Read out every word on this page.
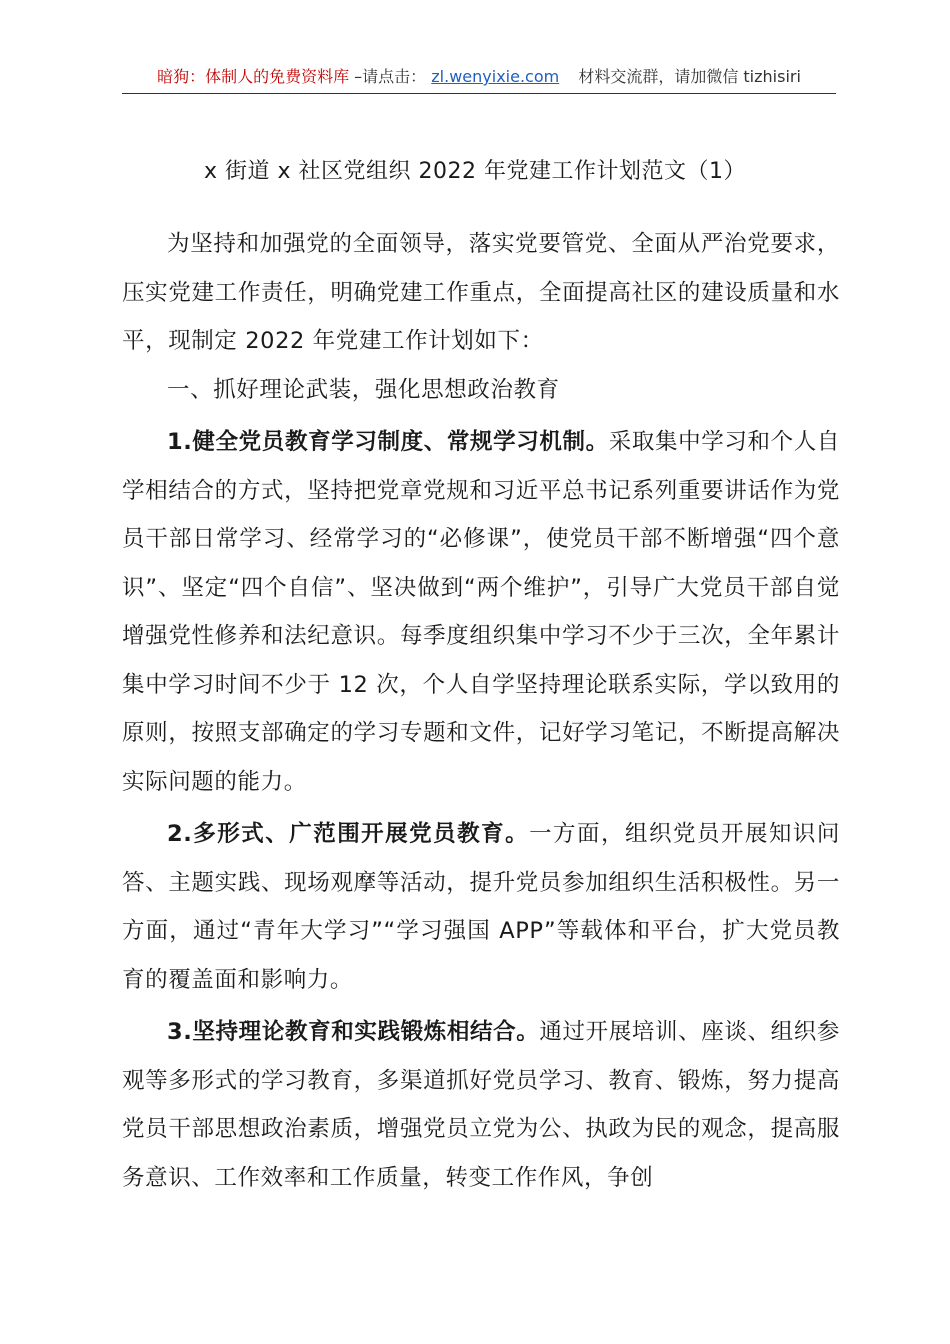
暗狗：体制人的免费资料库 –请点击： zl.wenyixie.com 材料交流群，请加微信 tizhisiri
x 街道 x 社区党组织 2022 年党建工作计划范文（1）

为坚持和加强党的全面领导，落实党要管党、全面从严治党要求，压实党建工作责任，明确党建工作重点，全面提高社区的建设质量和水平，现制定 2022 年党建工作计划如下：

一、抓好理论武装，强化思想政治教育

1.健全党员教育学习制度、常规学习机制。采取集中学习和个人自学相结合的方式，坚持把党章党规和习近平总书记系列重要讲话作为党员干部日常学习、经常学习的“必修课”，使党员干部不断增强“四个意识”、坚定“四个自信”、坚决做到“两个维护”，引导广大党员干部自觉增强党性修养和法纪意识。每季度组织集中学习不少于三次，全年累计集中学习时间不少于 12 次，个人自学坚持理论联系实际，学以致用的原则，按照支部确定的学习专题和文件，记好学习笔记，不断提高解决实际问题的能力。

2.多形式、广范围开展党员教育。一方面，组织党员开展知识问答、主题实践、现场观摩等活动，提升党员参加组织生活积极性。另一方面，通过“青年大学习”“学习强国 APP”等载体和平台，扩大党员教育的覆盖面和影响力。

3.坚持理论教育和实践锻炼相结合。通过开展培训、座谈、组织参观等多形式的学习教育，多渠道抓好党员学习、教育、锻炼，努力提高党员干部思想政治素质，增强党员立党为公、执政为民的观念，提高服务意识、工作效率和工作质量，转变工作作风，争创
